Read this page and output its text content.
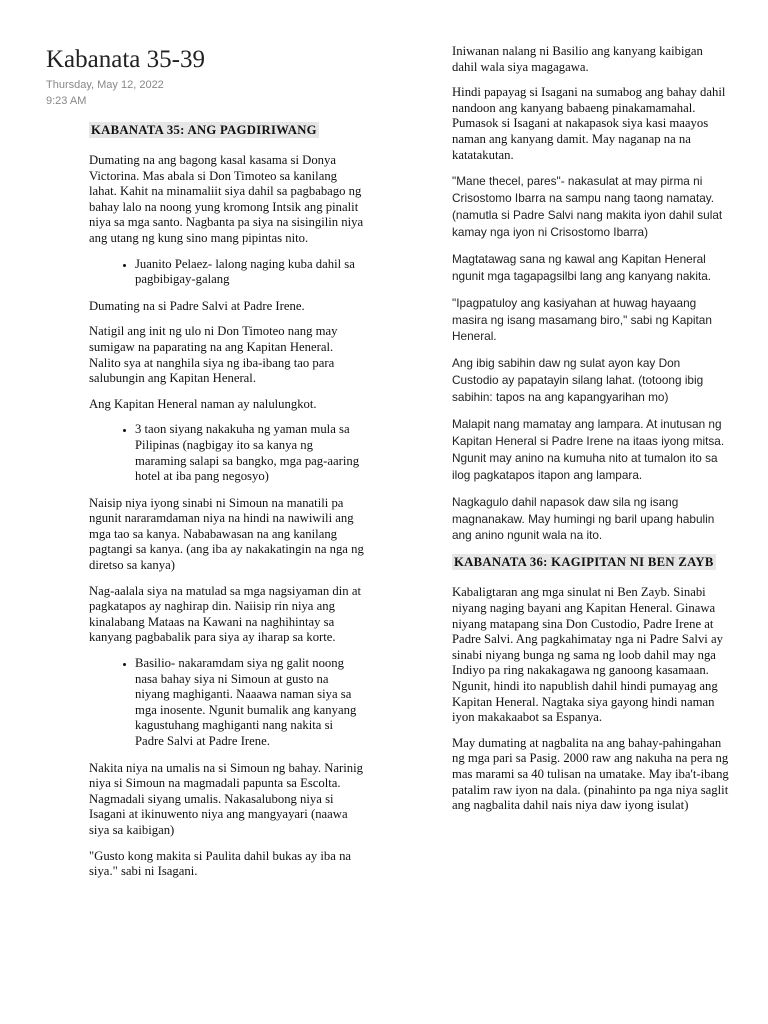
Kabanata 35-39
Thursday, May 12, 2022
9:23 AM
KABANATA 35: ANG PAGDIRIWANG

Dumating na ang bagong kasal kasama si Donya Victorina. Mas abala si Don Timoteo sa kanilang lahat. Kahit na minamaliit siya dahil sa pagbabago ng bahay lalo na noong yung kromong Intsik ang pinalit niya sa mga santo. Nagbanta pa siya na sisingilin niya ang utang ng kung sino mang pipintas nito.

• Juanito Pelaez- lalong naging kuba dahil sa pagbibigay-galang

Dumating na si Padre Salvi at Padre Irene.

Natigil ang init ng ulo ni Don Timoteo nang may sumigaw na paparating na ang Kapitan Heneral. Nalito sya at nanghila siya ng iba-ibang tao para salubungin ang Kapitan Heneral.

Ang Kapitan Heneral naman ay nalulungkot.

• 3 taon siyang nakakuha ng yaman mula sa Pilipinas (nagbigay ito sa kanya ng maraming salapi sa bangko, mga pag-aaring hotel at iba pang negosyo)

Naisip niya iyong sinabi ni Simoun na manatili pa ngunit nararamdaman niya na hindi na nawiwili ang mga tao sa kanya. Nababawasan na ang kanilang pagtangi sa kanya. (ang iba ay nakakatingin na nga ng diretso sa kanya)

Nag-aalala siya na matulad sa mga nagsiyaman din at pagkatapos ay naghirap din. Naiisip rin niya ang kinalabang Mataas na Kawani na naghihintay sa kanyang pagbabalik para siya ay iharap sa korte.

• Basilio- nakaramdam siya ng galit noong nasa bahay siya ni Simoun at gusto na niyang maghiganti. Naaawa naman siya sa mga inosente. Ngunit bumalik ang kanyang kagustuhang maghiganti nang nakita si Padre Salvi at Padre Irene.

Nakita niya na umalis na si Simoun ng bahay. Narinig niya si Simoun na magmadali papunta sa Escolta. Nagmadali siyang umalis. Nakasalubong niya si Isagani at ikinuwento niya ang mangyayari (naawa siya sa kaibigan)

"Gusto kong makita si Paulita dahil bukas ay iba na siya." sabi ni Isagani.

Iniwanan nalang ni Basilio ang kanyang kaibigan dahil wala siya magagawa.

Hindi papayag si Isagani na sumabog ang bahay dahil nandoon ang kanyang babaeng pinakamamahal. Pumasok si Isagani at nakapasok siya kasi maayos naman ang kanyang damit. May naganap na na katatakutan.

"Mane thecel, pares"- nakasulat at may pirma ni Crisostomo Ibarra na sampu nang taong namatay. (namutla si Padre Salvi nang makita iyon dahil sulat kamay nga iyon ni Crisostomo Ibarra)

Magtatawag sana ng kawal ang Kapitan Heneral ngunit mga tagapagsilbi lang ang kanyang nakita.

"Ipagpatuloy ang kasiyahan at huwag hayaang masira ng isang masamang biro," sabi ng Kapitan Heneral.

Ang ibig sabihin daw ng sulat ayon kay Don Custodio ay papatayin silang lahat. (totoong ibig sabihin: tapos na ang kapangyarihan mo)

Malapit nang mamatay ang lampara. At inutusan ng Kapitan Heneral si Padre Irene na itaas iyong mitsa. Ngunit may anino na kumuha nito at tumalon ito sa ilog pagkatapos itapon ang lampara.

Nagkagulo dahil napasok daw sila ng isang magnanakaw. May humingi ng baril upang habulin ang anino ngunit wala na ito.

KABANATA 36: KAGIPITAN NI BEN ZAYB

Kabaligtaran ang mga sinulat ni Ben Zayb. Sinabi niyang naging bayani ang Kapitan Heneral. Ginawa niyang matapang sina Don Custodio, Padre Irene at Padre Salvi. Ang pagkahimatay nga ni Padre Salvi ay sinabi niyang bunga ng sama ng loob dahil may nga Indiyo pa ring nakakagawa ng ganoong kasamaan. Ngunit, hindi ito napublish dahil hindi pumayag ang Kapitan Heneral. Nagtaka siya gayong hindi naman iyon makakaabot sa Espanya.

May dumating at nagbalita na ang bahay-pahingahan ng mga pari sa Pasig. 2000 raw ang nakuha na pera ng mas marami sa 40 tulisan na umatake. May iba't-ibang patalim raw iyon na dala. (pinahinto pa nga niya saglit ang nagbalita dahil nais niya daw iyong isulat)
